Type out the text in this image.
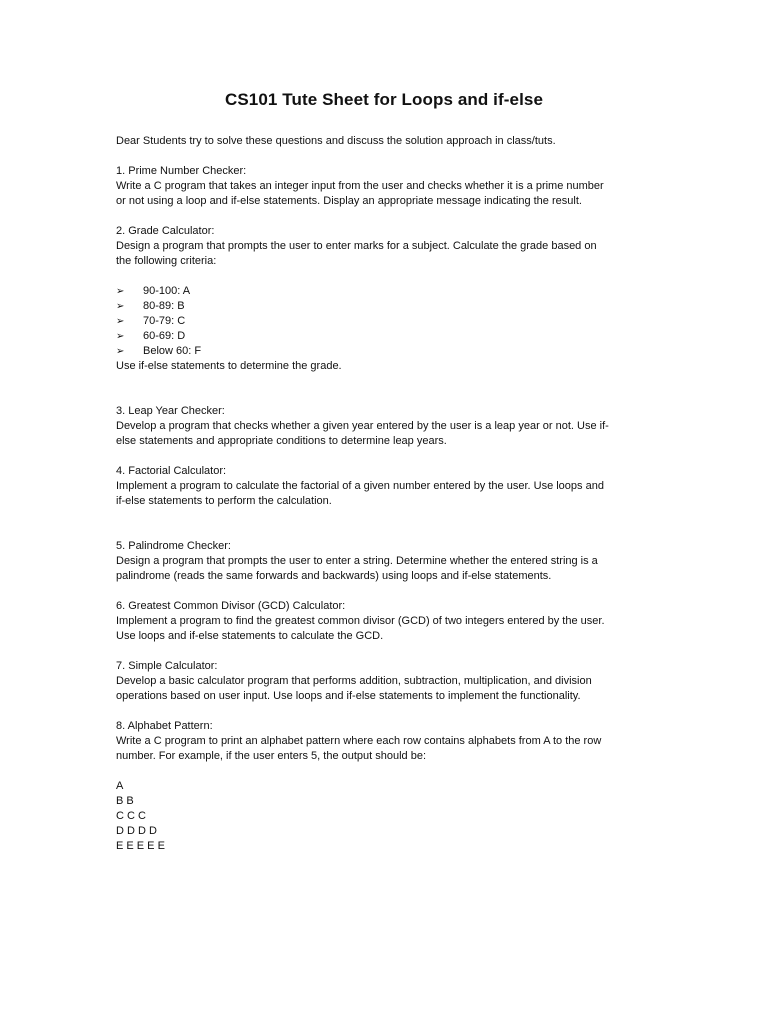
CS101 Tute Sheet for Loops and if-else
Dear Students try to solve these questions and discuss the solution approach in class/tuts.
1. Prime Number Checker:
Write a C program that takes an integer input from the user and checks whether it is a prime number
or not using a loop and if-else statements. Display an appropriate message indicating the result.
2. Grade Calculator:
Design a program that prompts the user to enter marks for a subject. Calculate the grade based on
the following criteria:
➢	90-100: A
➢	80-89: B
➢	70-79: C
➢	60-69: D
➢	Below 60: F
Use if-else statements to determine the grade.
3. Leap Year Checker:
Develop a program that checks whether a given year entered by the user is a leap year or not. Use if-
else statements and appropriate conditions to determine leap years.
4. Factorial Calculator:
Implement a program to calculate the factorial of a given number entered by the user. Use loops and
if-else statements to perform the calculation.
5. Palindrome Checker:
Design a program that prompts the user to enter a string. Determine whether the entered string is a
palindrome (reads the same forwards and backwards) using loops and if-else statements.
6. Greatest Common Divisor (GCD) Calculator:
Implement a program to find the greatest common divisor (GCD) of two integers entered by the user.
Use loops and if-else statements to calculate the GCD.
7. Simple Calculator:
Develop a basic calculator program that performs addition, subtraction, multiplication, and division
operations based on user input. Use loops and if-else statements to implement the functionality.
8. Alphabet Pattern:
Write a C program to print an alphabet pattern where each row contains alphabets from A to the row
number. For example, if the user enters 5, the output should be:
A
B B
C C C
D D D D
E E E E E
